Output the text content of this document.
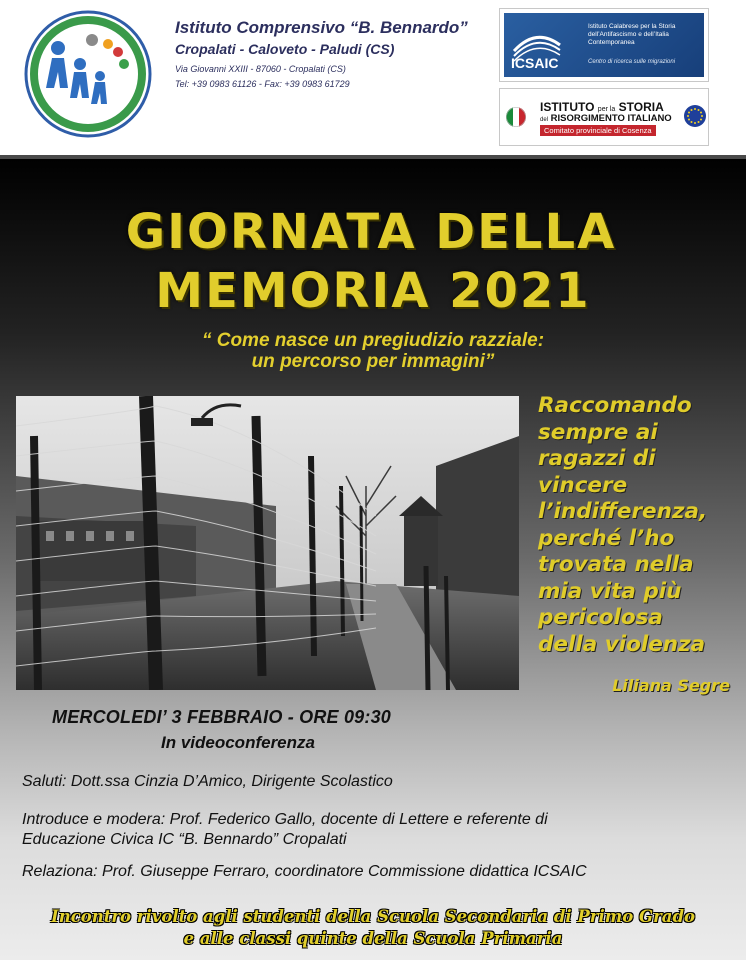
Istituto Comprensivo “B. Bennardo”
Cropalati - Caloveto - Paludi (CS)
Via Giovanni XXIII - 87060 - Cropalati (CS)
Tel: +39 0983 61126 - Fax: +39 0983 61729
ICSAIC
Istituto Calabrese per la Storia dell’Antifascismo e dell’Italia Contemporanea
Centro di ricerca sulle migrazioni
ISTITUTO per la STORIA
del RISORGIMENTO ITALIANO
Comitato provinciale di Cosenza
GIORNATA DELLA
MEMORIA 2021
“ Come nasce un pregiudizio razziale:
un percorso per immagini”
Raccomando
sempre ai
ragazzi di
vincere
l’indifferenza,
perché l’ho
trovata nella
mia vita più
pericolosa
della violenza
Liliana Segre
MERCOLEDI’ 3 FEBBRAIO - ORE 09:30
In videoconferenza
Saluti: Dott.ssa Cinzia D’Amico, Dirigente Scolastico
Introduce e modera: Prof. Federico Gallo, docente di Lettere e referente di
Educazione Civica IC “B. Bennardo” Cropalati
Relaziona: Prof. Giuseppe Ferraro, coordinatore Commissione didattica ICSAIC
Incontro rivolto agli studenti della Scuola Secondaria di Primo Grado
e alle classi quinte della Scuola Primaria
